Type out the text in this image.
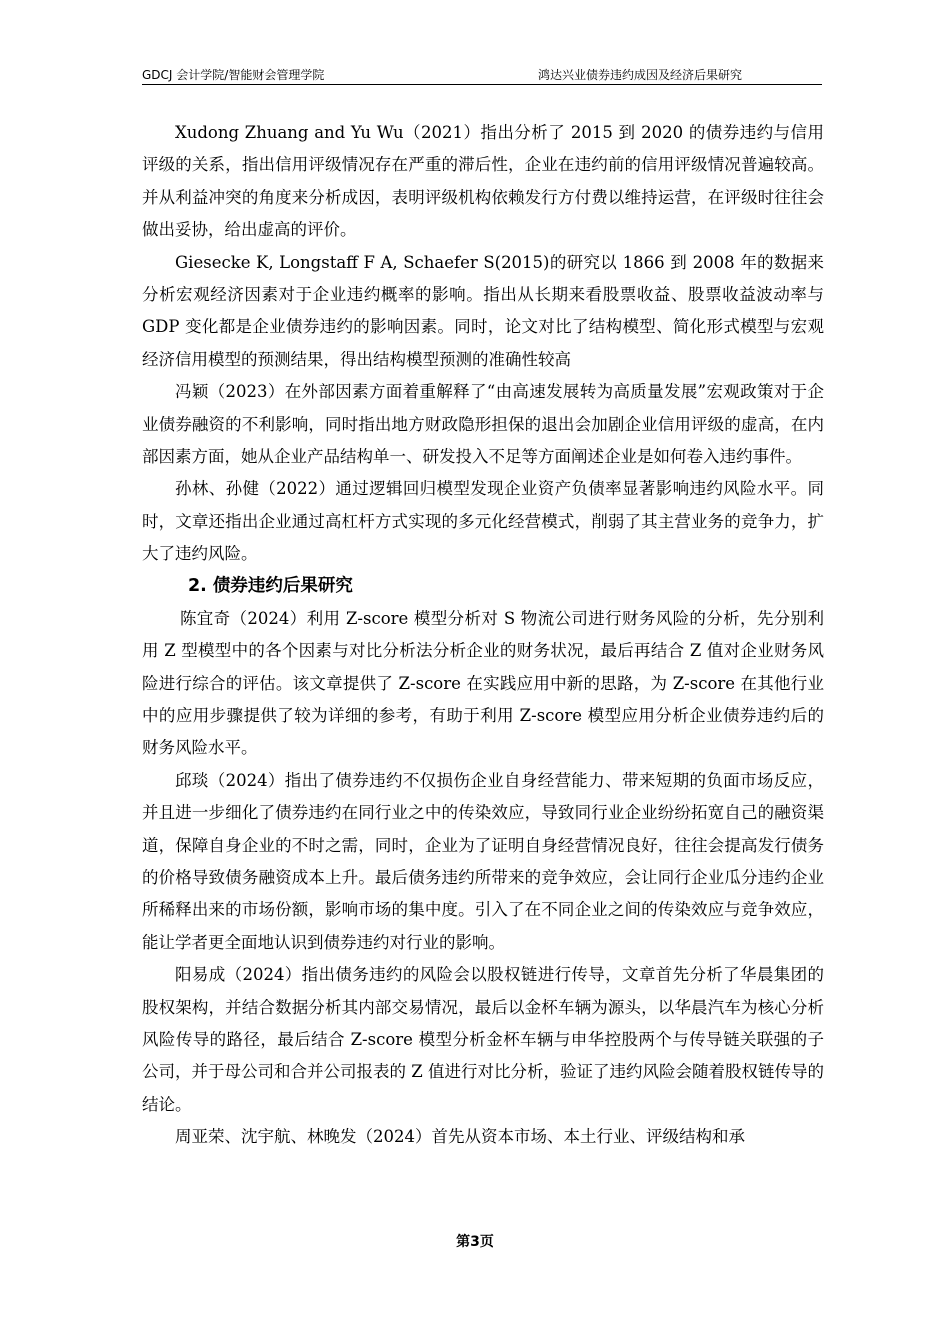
GDCJ 会计学院/智能财会管理学院	鸿达兴业债券违约成因及经济后果研究

Xudong Zhuang and Yu Wu（2021）指出分析了 2015 到 2020 的债券违约与信用评级的关系，指出信用评级情况存在严重的滞后性，企业在违约前的信用评级情况普遍较高。并从利益冲突的角度来分析成因，表明评级机构依赖发行方付费以维持运营，在评级时往往会做出妥协，给出虚高的评价。

Giesecke K, Longstaff F A, Schaefer S(2015)的研究以 1866 到 2008 年的数据来分析宏观经济因素对于企业违约概率的影响。指出从长期来看股票收益、股票收益波动率与 GDP 变化都是企业债券违约的影响因素。同时，论文对比了结构模型、简化形式模型与宏观经济信用模型的预测结果，得出结构模型预测的准确性较高

冯颖（2023）在外部因素方面着重解释了“由高速发展转为高质量发展”宏观政策对于企业债券融资的不利影响，同时指出地方财政隐形担保的退出会加剧企业信用评级的虚高，在内部因素方面，她从企业产品结构单一、研发投入不足等方面阐述企业是如何卷入违约事件。

孙林、孙健（2022）通过逻辑回归模型发现企业资产负债率显著影响违约风险水平。同时，文章还指出企业通过高杠杆方式实现的多元化经营模式，削弱了其主营业务的竞争力，扩大了违约风险。

2. 债券违约后果研究

陈宜奇（2024）利用 Z-score 模型分析对 S 物流公司进行财务风险的分析，先分别利用 Z 型模型中的各个因素与对比分析法分析企业的财务状况，最后再结合 Z 值对企业财务风险进行综合的评估。该文章提供了 Z-score 在实践应用中新的思路，为 Z-score 在其他行业中的应用步骤提供了较为详细的参考，有助于利用 Z-score 模型应用分析企业债券违约后的财务风险水平。

邱琰（2024）指出了债券违约不仅损伤企业自身经营能力、带来短期的负面市场反应，并且进一步细化了债券违约在同行业之中的传染效应，导致同行业企业纷纷拓宽自己的融资渠道，保障自身企业的不时之需，同时，企业为了证明自身经营情况良好，往往会提高发行债务的价格导致债务融资成本上升。最后债务违约所带来的竞争效应，会让同行企业瓜分违约企业所稀释出来的市场份额，影响市场的集中度。引入了在不同企业之间的传染效应与竞争效应，能让学者更全面地认识到债券违约对行业的影响。

阳易成（2024）指出债务违约的风险会以股权链进行传导，文章首先分析了华晨集团的股权架构，并结合数据分析其内部交易情况，最后以金杯车辆为源头，以华晨汽车为核心分析风险传导的路径，最后结合 Z-score 模型分析金杯车辆与申华控股两个与传导链关联强的子公司，并于母公司和合并公司报表的 Z 值进行对比分析，验证了违约风险会随着股权链传导的结论。

周亚荣、沈宇航、林晚发（2024）首先从资本市场、本土行业、评级结构和承

第3页
